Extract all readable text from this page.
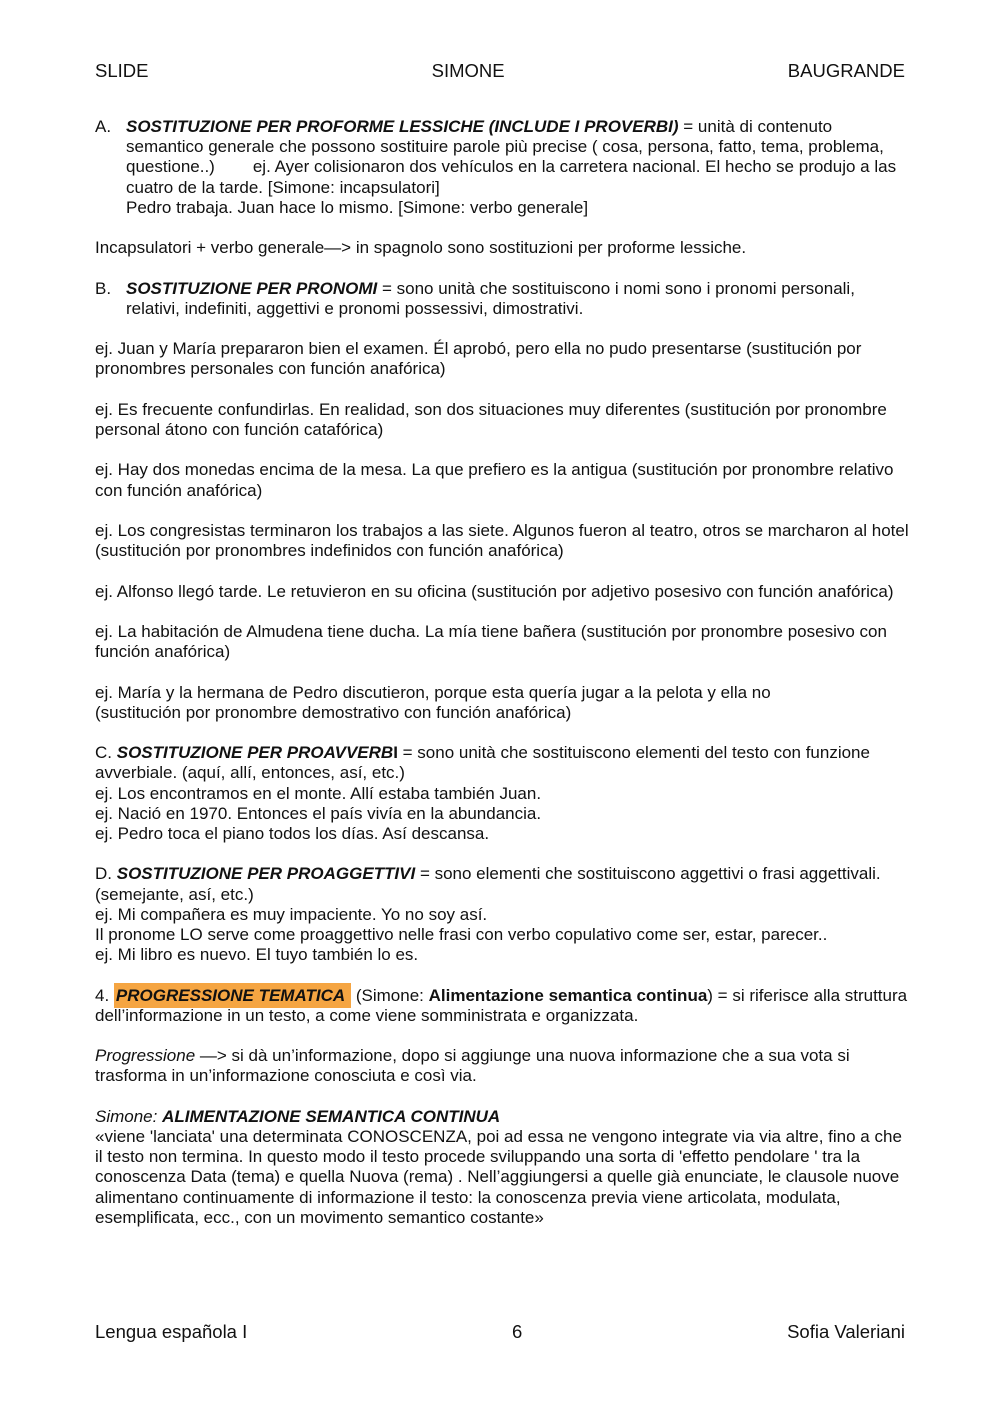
SLIDE	SIMONE	BAUGRANDE
A. SOSTITUZIONE PER PROFORME LESSICHE (INCLUDE I PROVERBI) = unità di contenuto semantico generale che possono sostituire parole più precise ( cosa, persona, fatto, tema, problema, questione..) ej. Ayer colisionaron dos vehículos en la carretera nacional. El hecho se produjo a las cuatro de la tarde. [Simone: incapsulatori]
Pedro trabaja. Juan hace lo mismo. [Simone: verbo generale]

Incapsulatori + verbo generale—> in spagnolo sono sostituzioni per proforme lessiche.

B. SOSTITUZIONE PER PRONOMI = sono unità che sostituiscono i nomi sono i pronomi personali, relativi, indefiniti, aggettivi e pronomi possessivi, dimostrativi.

ej. Juan y María prepararon bien el examen. Él aprobó, pero ella no pudo presentarse (sustitución por pronombres personales con función anafórica)

ej. Es frecuente confundirlas. En realidad, son dos situaciones muy diferentes (sustitución por pronombre personal átono con función catafórica)

ej. Hay dos monedas encima de la mesa. La que prefiero es la antigua (sustitución por pronombre relativo con función anafórica)

ej. Los congresistas terminaron los trabajos a las siete. Algunos fueron al teatro, otros se marcharon al hotel
(sustitución por pronombres indefinidos con función anafórica)

ej. Alfonso llegó tarde. Le retuvieron en su oficina (sustitución por adjetivo posesivo con función anafórica)

ej. La habitación de Almudena tiene ducha. La mía tiene bañera (sustitución por pronombre posesivo con función anafórica)

ej. María y la hermana de Pedro discutieron, porque esta quería jugar a la pelota y ella no
(sustitución por pronombre demostrativo con función anafórica)

C. SOSTITUZIONE PER PROAVVERBI = sono unità che sostituiscono elementi del testo con funzione avverbiale. (aquí, allí, entonces, así, etc.)
ej. Los encontramos en el monte. Allí estaba también Juan.
ej. Nació en 1970. Entonces el país vivía en la abundancia.
ej. Pedro toca el piano todos los días. Así descansa.

D. SOSTITUZIONE PER PROAGGETTIVI = sono elementi che sostituiscono aggettivi o frasi aggettivali.(semejante, así, etc.)
ej. Mi compañera es muy impaciente. Yo no soy así.
Il pronome LO serve come proaggettivo nelle frasi con verbo copulativo come ser, estar, parecer..
ej. Mi libro es nuevo. El tuyo también lo es.

4. PROGRESSIONE TEMATICA (Simone: Alimentazione semantica continua) = si riferisce alla struttura dell’informazione in un testo, a come viene somministrata e organizzata.

Progressione —> si dà un’informazione, dopo si aggiunge una nuova informazione che a sua vota si trasforma in un’informazione conosciuta e così via.

Simone: ALIMENTAZIONE SEMANTICA CONTINUA
«viene 'lanciata' una determinata CONOSCENZA, poi ad essa ne vengono integrate via via altre, fino a che il testo non termina. In questo modo il testo procede sviluppando una sorta di 'effetto pendolare ' tra la conoscenza Data (tema) e quella Nuova (rema) . Nell’aggiungersi a quelle già enunciate, le clausole nuove alimentano continuamente di informazione il testo: la conoscenza previa viene articolata, modulata, esemplificata, ecc., con un movimento semantico costante»

Lengua española I	6	Sofia Valeriani
